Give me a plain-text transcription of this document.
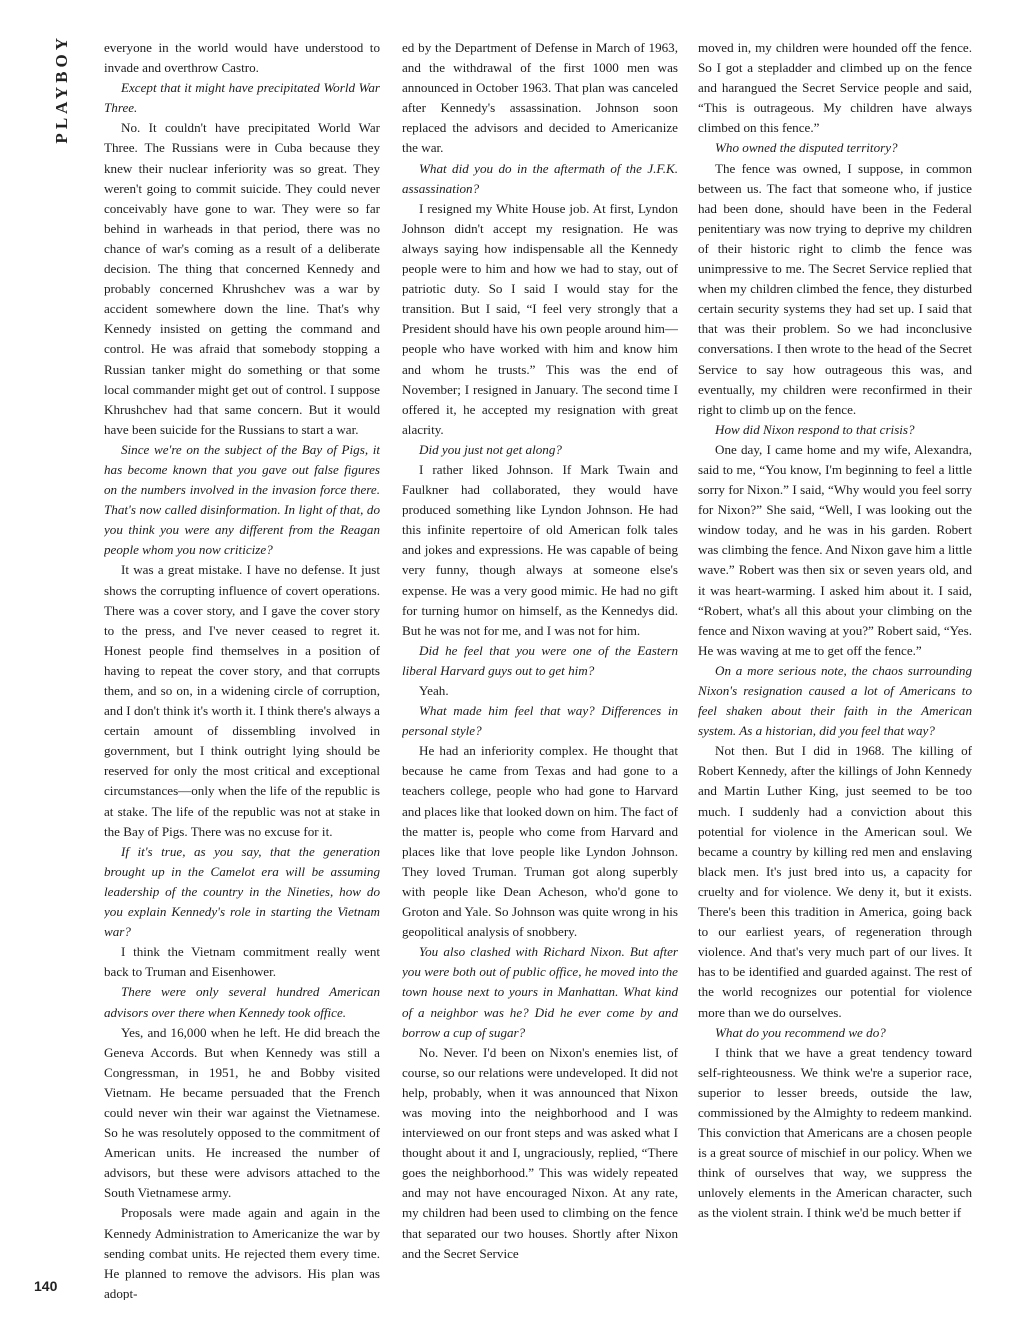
PLAYBOY	everyone in the world would have understood to invade and overthrow Castro.

Except that it might have precipitated World War Three.

No. It couldn't have precipitated World War Three. The Russians were in Cuba because they knew their nuclear inferiority was so great. They weren't going to commit suicide. They could never conceivably have gone to war. They were so far behind in warheads in that period, there was no chance of war's coming as a result of a deliberate decision. The thing that concerned Kennedy and probably concerned Khrushchev was a war by accident somewhere down the line. That's why Kennedy insisted on getting the command and control. He was afraid that somebody stopping a Russian tanker might do something or that some local commander might get out of control. I suppose Khrushchev had that same concern. But it would have been suicide for the Russians to start a war.

Since we're on the subject of the Bay of Pigs, it has become known that you gave out false figures on the numbers involved in the invasion force there. That's now called disinformation. In light of that, do you think you were any different from the Reagan people whom you now criticize?

It was a great mistake. I have no defense. It just shows the corrupting influence of covert operations. There was a cover story, and I gave the cover story to the press, and I've never ceased to regret it. Honest people find themselves in a position of having to repeat the cover story, and that corrupts them, and so on, in a widening circle of corruption, and I don't think it's worth it. I think there's always a certain amount of dissembling involved in government, but I think outright lying should be reserved for only the most critical and exceptional circumstances—only when the life of the republic is at stake. The life of the republic was not at stake in the Bay of Pigs. There was no excuse for it.

If it's true, as you say, that the generation brought up in the Camelot era will be assuming leadership of the country in the Nineties, how do you explain Kennedy's role in starting the Vietnam war?

I think the Vietnam commitment really went back to Truman and Eisenhower.

There were only several hundred American advisors over there when Kennedy took office.

Yes, and 16,000 when he left. He did breach the Geneva Accords. But when Kennedy was still a Congressman, in 1951, he and Bobby visited Vietnam. He became persuaded that the French could never win their war against the Vietnamese. So he was resolutely opposed to the commitment of American units. He increased the number of advisors, but these were advisors attached to the South Vietnamese army.

Proposals were made again and again in the Kennedy Administration to Americanize the war by sending combat units. He rejected them every time. He planned to remove the advisors. His plan was adopt-

ed by the Department of Defense in March of 1963, and the withdrawal of the first 1000 men was announced in October 1963. That plan was canceled after Kennedy's assassination. Johnson soon replaced the advisors and decided to Americanize the war.

What did you do in the aftermath of the J.F.K. assassination?

I resigned my White House job. At first, Lyndon Johnson didn't accept my resignation. He was always saying how indispensable all the Kennedy people were to him and how we had to stay, out of patriotic duty. So I said I would stay for the transition. But I said, “I feel very strongly that a President should have his own people around him—people who have worked with him and know him and whom he trusts.” This was the end of November; I resigned in January. The second time I offered it, he accepted my resignation with great alacrity.

Did you just not get along?

I rather liked Johnson. If Mark Twain and Faulkner had collaborated, they would have produced something like Lyndon Johnson. He had this infinite repertoire of old American folk tales and jokes and expressions. He was capable of being very funny, though always at someone else's expense. He was a very good mimic. He had no gift for turning humor on himself, as the Kennedys did. But he was not for me, and I was not for him.

Did he feel that you were one of the Eastern liberal Harvard guys out to get him?

Yeah.

What made him feel that way? Differences in personal style?

He had an inferiority complex. He thought that because he came from Texas and had gone to a teachers college, people who had gone to Harvard and places like that looked down on him. The fact of the matter is, people who come from Harvard and places like that love people like Lyndon Johnson. They loved Truman. Truman got along superbly with people like Dean Acheson, who'd gone to Groton and Yale. So Johnson was quite wrong in his geopolitical analysis of snobbery.

You also clashed with Richard Nixon. But after you were both out of public office, he moved into the town house next to yours in Manhattan. What kind of a neighbor was he? Did he ever come by and borrow a cup of sugar?

No. Never. I'd been on Nixon's enemies list, of course, so our relations were undeveloped. It did not help, probably, when it was announced that Nixon was moving into the neighborhood and I was interviewed on our front steps and was asked what I thought about it and I, ungraciously, replied, “There goes the neighborhood.” This was widely repeated and may not have encouraged Nixon. At any rate, my children had been used to climbing on the fence that separated our two houses. Shortly after Nixon and the Secret Service

moved in, my children were hounded off the fence. So I got a stepladder and climbed up on the fence and harangued the Secret Service people and said, “This is outrageous. My children have always climbed on this fence.”

Who owned the disputed territory?

The fence was owned, I suppose, in common between us. The fact that someone who, if justice had been done, should have been in the Federal penitentiary was now trying to deprive my children of their historic right to climb the fence was unimpressive to me. The Secret Service replied that when my children climbed the fence, they disturbed certain security systems they had set up. I said that that was their problem. So we had inconclusive conversations. I then wrote to the head of the Secret Service to say how outrageous this was, and eventually, my children were reconfirmed in their right to climb up on the fence.

How did Nixon respond to that crisis?

One day, I came home and my wife, Alexandra, said to me, “You know, I'm beginning to feel a little sorry for Nixon.” I said, “Why would you feel sorry for Nixon?” She said, “Well, I was looking out the window today, and he was in his garden. Robert was climbing the fence. And Nixon gave him a little wave.” Robert was then six or seven years old, and it was heart-warming. I asked him about it. I said, “Robert, what's all this about your climbing on the fence and Nixon waving at you?” Robert said, “Yes. He was waving at me to get off the fence.”

On a more serious note, the chaos surrounding Nixon's resignation caused a lot of Americans to feel shaken about their faith in the American system. As a historian, did you feel that way?

Not then. But I did in 1968. The killing of Robert Kennedy, after the killings of John Kennedy and Martin Luther King, just seemed to be too much. I suddenly had a conviction about this potential for violence in the American soul. We became a country by killing red men and enslaving black men. It's just bred into us, a capacity for cruelty and for violence. We deny it, but it exists. There's been this tradition in America, going back to our earliest years, of regeneration through violence. And that's very much part of our lives. It has to be identified and guarded against. The rest of the world recognizes our potential for violence more than we do ourselves.

What do you recommend we do?

I think that we have a great tendency toward self-righteousness. We think we're a superior race, superior to lesser breeds, outside the law, commissioned by the Almighty to redeem mankind. This conviction that Americans are a chosen people is a great source of mischief in our policy. When we think of ourselves that way, we suppress the unlovely elements in the American character, such as the violent strain. I think we'd be much better if

140
